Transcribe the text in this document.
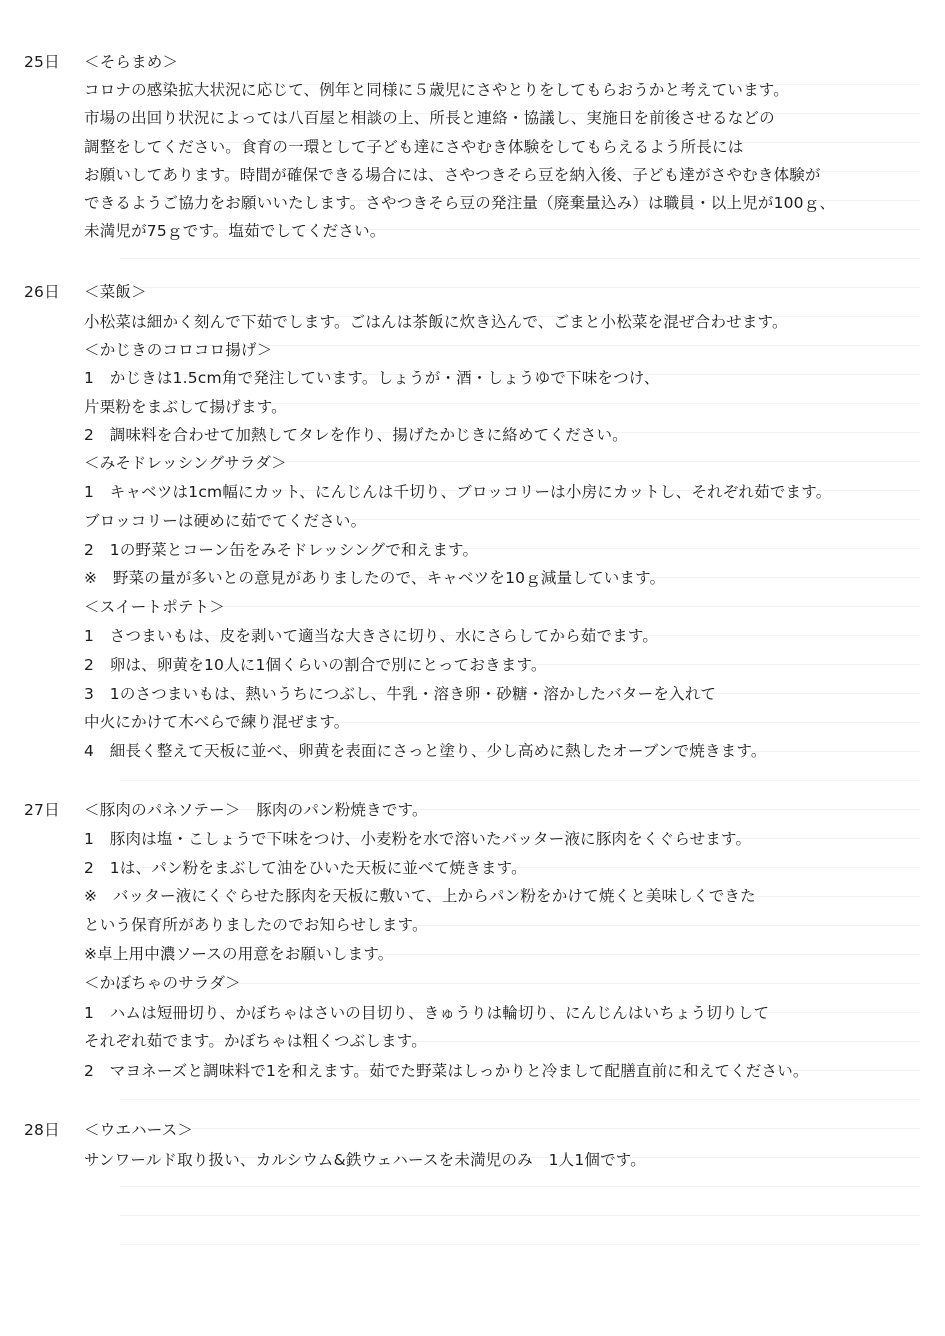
25日 ＜そらまめ＞
コロナの感染拡大状況に応じて、例年と同様に５歳児にさやとりをしてもらおうかと考えています。
市場の出回り状況によっては八百屋と相談の上、所長と連絡・協議し、実施日を前後させるなどの
調整をしてください。食育の一環として子ども達にさやむき体験をしてもらえるよう所長には
お願いしてあります。時間が確保できる場合には、さやつきそら豆を納入後、子ども達がさやむき体験が
できるようご協力をお願いいたします。さやつきそら豆の発注量（廃棄量込み）は職員・以上児が100ｇ、
未満児が75ｇです。塩茹でしてください。
26日 ＜菜飯＞
小松菜は細かく刻んで下茹でします。ごはんは茶飯に炊き込んで、ごまと小松菜を混ぜ合わせます。
＜かじきのコロコロ揚げ＞
1　かじきは1.5cm角で発注しています。しょうが・酒・しょうゆで下味をつけ、
片栗粉をまぶして揚げます。
2　調味料を合わせて加熱してタレを作り、揚げたかじきに絡めてください。
＜みそドレッシングサラダ＞
1　キャベツは1cm幅にカット、にんじんは千切り、ブロッコリーは小房にカットし、それぞれ茹でます。
ブロッコリーは硬めに茹でてください。
2　1の野菜とコーン缶をみそドレッシングで和えます。
※　野菜の量が多いとの意見がありましたので、キャベツを10ｇ減量しています。
＜スイートポテト＞
1　さつまいもは、皮を剥いて適当な大きさに切り、水にさらしてから茹でます。
2　卵は、卵黄を10人に1個くらいの割合で別にとっておきます。
3　1のさつまいもは、熱いうちにつぶし、牛乳・溶き卵・砂糖・溶かしたバターを入れて
中火にかけて木べらで練り混ぜます。
4　細長く整えて天板に並べ、卵黄を表面にさっと塗り、少し高めに熱したオーブンで焼きます。
27日 ＜豚肉のパネソテー＞　豚肉のパン粉焼きです。
1　豚肉は塩・こしょうで下味をつけ、小麦粉を水で溶いたバッター液に豚肉をくぐらせます。
2　1は、パン粉をまぶして油をひいた天板に並べて焼きます。
※　バッター液にくぐらせた豚肉を天板に敷いて、上からパン粉をかけて焼くと美味しくできた
という保育所がありましたのでお知らせします。
※卓上用中濃ソースの用意をお願いします。
＜かぼちゃのサラダ＞
1　ハムは短冊切り、かぼちゃはさいの目切り、きゅうりは輪切り、にんじんはいちょう切りして
それぞれ茹でます。かぼちゃは粗くつぶします。
2　マヨネーズと調味料で1を和えます。茹でた野菜はしっかりと冷まして配膳直前に和えてください。
28日 ＜ウエハース＞
サンワールド取り扱い、カルシウム&鉄ウェハースを未満児のみ　1人1個です。
